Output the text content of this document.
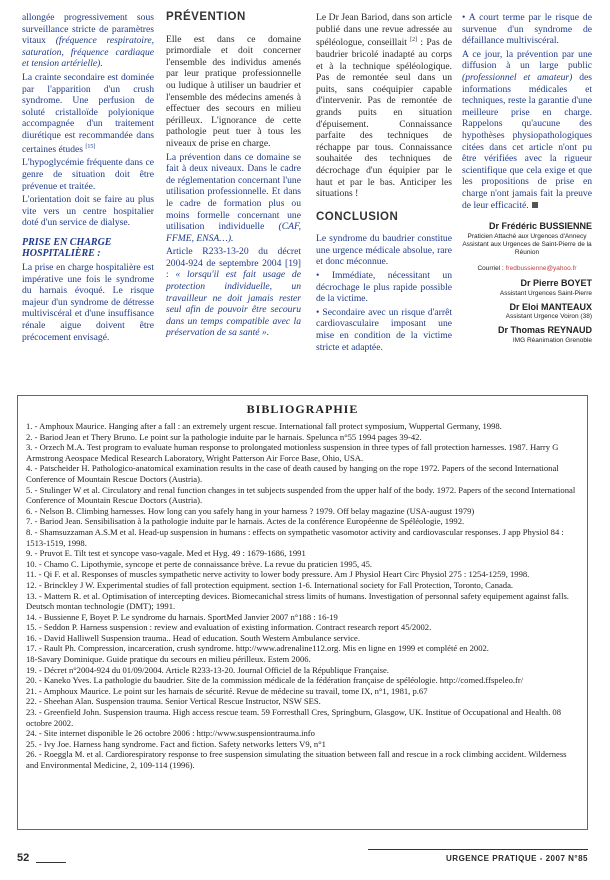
allongée progressivement sous surveillance stricte de paramètres vitaux (fréquence respiratoire, saturation, fréquence cardiaque et tension artérielle).

La crainte secondaire est dominée par l'apparition d'un crush syndrome. Une perfusion de soluté cristalloïde polyionique accompagnée d'un traitement diurétique est recommandée dans certaines études [15]

L'hypoglycémie fréquente dans ce genre de situation doit être prévenue et traitée.

L'orientation doit se faire au plus vite vers un centre hospitalier doté d'un service de dialyse.

PRISE EN CHARGE HOSPITALIÈRE :

La prise en charge hospitalière est impérative une fois le syndrome du harnais évoqué. Le risque majeur d'un syndrome de détresse multiviscéral et d'une insuffisance rénale aigue doivent être précocement envisagé.

PRÉVENTION

Elle est dans ce domaine primordiale et doit concerner l'ensemble des individus amenés par leur pratique professionnelle ou ludique à utiliser un baudrier et l'ensemble des médecins amenés à effectuer des secours en milieu périlleux. L'ignorance de cette pathologie peut tuer à tous les niveaux de prise en charge.

La prévention dans ce domaine se fait à deux niveaux. Dans le cadre de réglementation concernant l'une utilisation professionnelle. Et dans le cadre de formation plus ou moins formelle concernant une utilisation individuelle (CAF, FFME, ENSA…).

Article R233-13-20 du décret 2004-924 de septembre 2004 [19] : « lorsqu'il est fait usage de protection individuelle, un travailleur ne doit jamais rester seul afin de pouvoir être secouru dans un temps compatible avec la préservation de sa santé ».

Le Dr Jean Bariod, dans son article publié dans une revue adressée au spéléologue, conseillait [2] : Pas de baudrier bricolé inadapté au corps et à la technique spéléologique. Pas de remontée seul dans un puits, sans coéquipier capable d'intervenir. Pas de remontée de grands puits en situation d'épuisement. Connaissance parfaite des techniques de réchappe par tous. Connaissance souhaitée des techniques de décrochage d'un équipier par le haut et par le bas. Anticiper les situations !

CONCLUSION

Le syndrome du baudrier constitue une urgence médicale absolue, rare et donc méconnue.

• Immédiate, nécessitant un décrochage le plus rapide possible de la victime.

• Secondaire avec un risque d'arrêt cardiovasculaire imposant une mise en condition de la victime stricte et adaptée.

• A court terme par le risque de survenue d'un syndrome de défaillance multiviscéral.

A ce jour, la prévention par une diffusion à un large public (professionnel et amateur) des informations médicales et techniques, reste la garantie d'une meilleure prise en charge. Rappelons qu'aucune des hypothèses physiopathologiques citées dans cet article n'ont pu être vérifiées avec la rigueur scientifique que cela exige et que les propositions de prise en charge n'ont jamais fait la preuve de leur efficacité.

Dr Frédéric BUSSIENNE
Praticien Attaché aux Urgences d'Annecy Assistant aux Urgences de Saint-Pierre de la Réunion
Courriel : fredbussienne@yahoo.fr
Dr Pierre BOYET
Assistant Urgences Saint-Pierre
Dr Eloi MANTEAUX
Assistant Urgence Voiron (38)
Dr Thomas REYNAUD
IMG Réanimation Grenoble
BIBLIOGRAPHIE
1. - Amphoux Maurice. Hanging after a fall : an extremely urgent rescue. International fall protect symposium, Wuppertal Germany, 1998.
2. - Bariod Jean et Thery Bruno. Le point sur la pathologie induite par le harnais. Spelunca n°55 1994 pages 39-42.
3. - Orzech M.A. Test program to evaluate human response to prolongated motionless suspension in three types of fall protection harnesses. 1987. Harry G Armstrong Aeospace Medical Research Laboratory, Wright Patterson Air Force Base, Ohio, USA.
4. - Patscheider H. Pathologico-anatomical examination results in the case of death caused by hanging on the rope 1972. Papers of the second International Conference of Mountain Rescue Doctors (Austria).
5. - Stulinger W et al. Circulatory and renal function changes in tet subjects suspended from the upper half of the body. 1972. Papers of the second International Conference of Mountain Rescue Doctors (Austria).
6. - Nelson B. Climbing harnesses. How long can you safely hang in your harness ? 1979. Off belay magazine (USA-august 1979)
7. - Bariod Jean. Sensibilisation à la pathologie induite par le harnais. Actes de la conférence Européenne de Spéléologie, 1992.
8. - Shamsuzzaman A.S.M et al. Head-up suspension in humans : effects on sympathetic vasomotor activity and cardiovascular responses. J app Physiol 84 : 1513-1519, 1998.
9. - Pruvot E. Tilt test et syncope vaso-vagale. Med et Hyg. 49 : 1679-1686, 1991
10. - Chamo C. Lipothymie, syncope et perte de connaissance brève. La revue du praticien 1995, 45.
11. - Qi F. et al. Responses of muscles sympathetic nerve activity to lower body pressure. Am J Physiol Heart Circ Physiol 275 : 1254-1259, 1998.
12. - Brinckley J W. Experimental studies of fall protection equipment. section 1-6. International society for Fall Protection, Toronto, Canada.
13. - Mattern R. et al. Optimisation of intercepting devices. Biomecanichal stress limits of humans. Investigation of personnal safety equipement against falls. Deutsch montan technologie (DMT); 1991.
14. - Bussienne F, Boyet P. Le syndrome du harnais. SportMed Janvier 2007 n°188 : 16-19
15. - Seddon P. Harness suspension : review and evaluation of existing information. Contract research report 45/2002.
16. - David Halliwell Suspension trauma.. Head of education. South Western Ambulance service.
17. - Rault Ph. Compression, incarceration, crush syndrome. http://www.adrenaline112.org. Mis en ligne en 1999 et complété en 2002.
18-Savary Dominique. Guide pratique du secours en milieu périlleux. Estem 2006.
19. - Décret n°2004-924 du 01/09/2004. Article R233-13-20. Journal Officiel de la République Française.
20. - Kaneko Yves. La pathologie du baudrier. Site de la commission médicale de la fédération française de spéléologie. http://comed.ffspeleo.fr/
21. - Amphoux Maurice. Le point sur les harnais de sécurité. Revue de médecine su travail, tome IX, n°1, 1981, p.67
22. - Sheehan Alan. Suspension trauma. Senior Vertical Rescue Instructor, NSW SES.
23. - Greenfield John. Suspension trauma. High access rescue team. 59 Forresthall Cres, Springburn, Glasgow, UK. Institue of Occupational and Health. 08 octobre 2002.
24. - Site internet disponible le 26 octobre 2006 : http://www.suspensiontrauma.info
25. - Ivy Joe. Harness hang syndrome. Fact and fiction. Safety networks letters V9, n°1
26. - Roeggla M. et al. Cardiorespiratory response to free suspension simulating the situation between fall and rescue in a rock climbing accident. Wilderness and Environmental Medicine, 2, 109-114 (1996).
52	URGENCE PRATIQUE - 2007 N°85
